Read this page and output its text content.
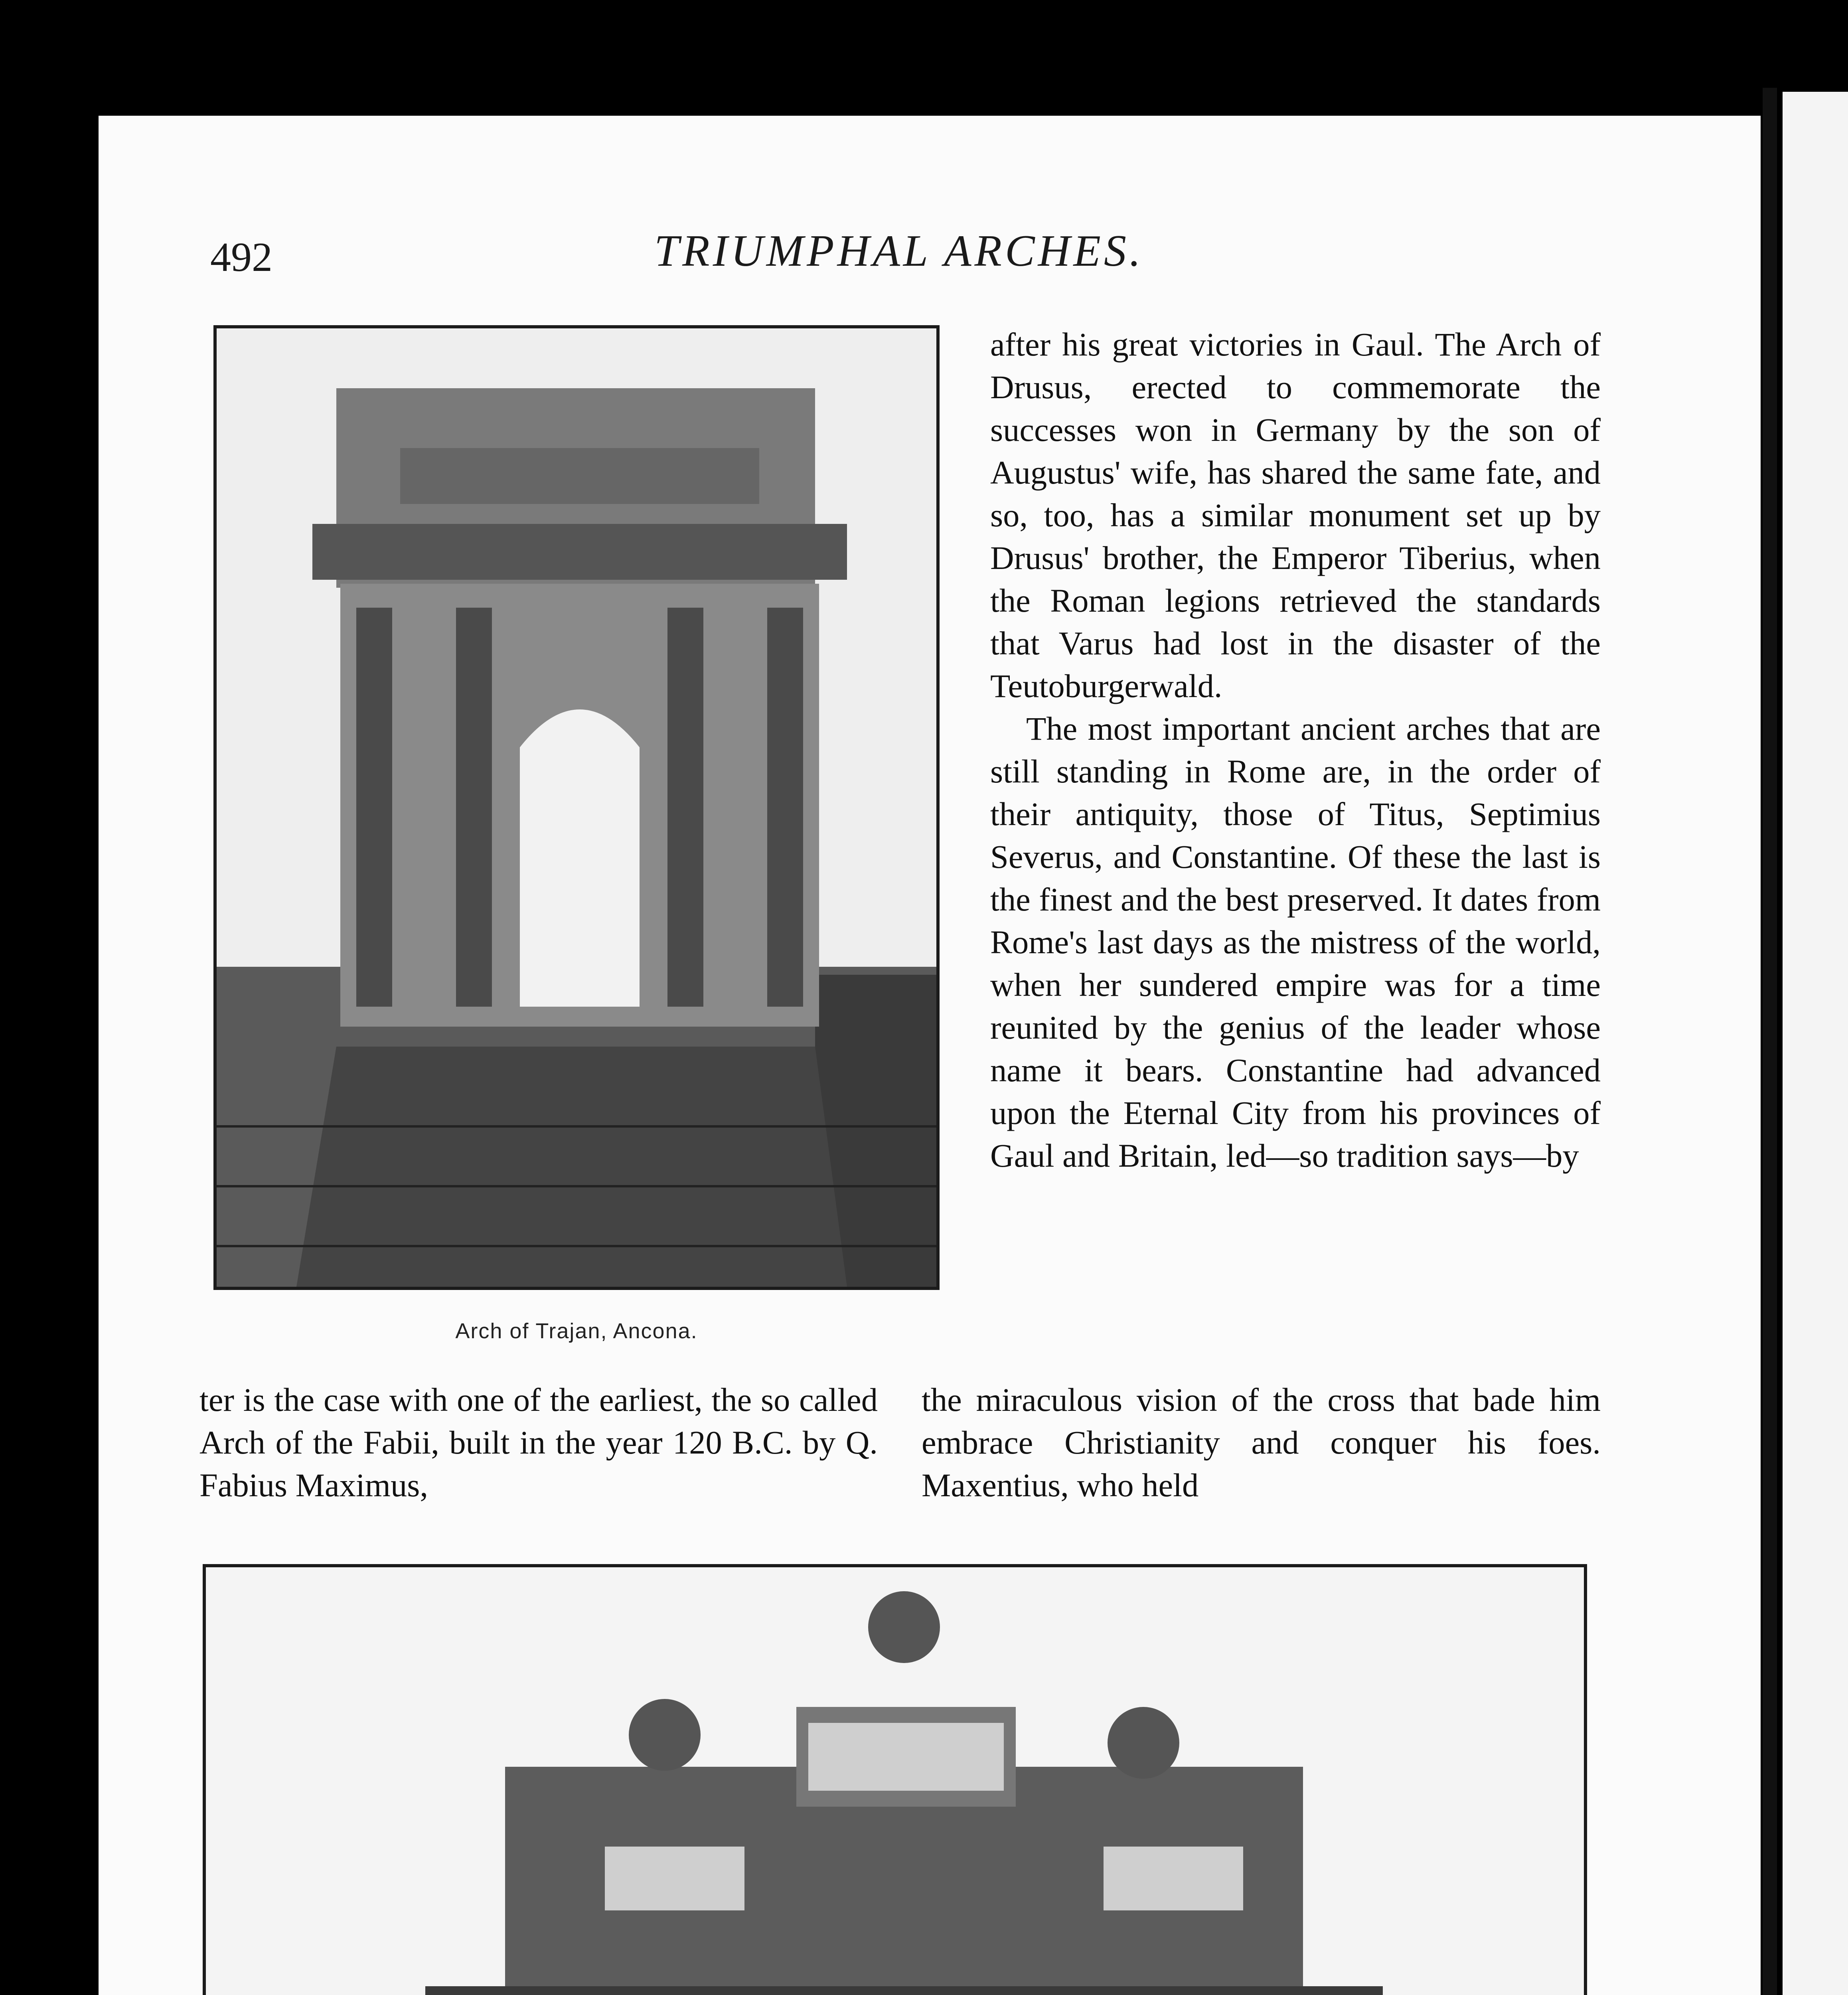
492	TRIUMPHAL ARCHES.
Arch of Trajan, Ancona.

after his great victories in Gaul. The Arch of Drusus, erected to commemorate the successes won in Germany by the son of Augustus' wife, has shared the same fate, and so, too, has a similar monument set up by Drusus' brother, the Emperor Tiberius, when the Roman legions retrieved the standards that Varus had lost in the disaster of the Teutoburgerwald.

The most important ancient arches that are still standing in Rome are, in the order of their antiquity, those of Titus, Septimius Severus, and Constantine. Of these the last is the finest and the best preserved. It dates from Rome's last days as the mistress of the world, when her sundered empire was for a time reunited by the genius of the leader whose name it bears. Constantine had advanced upon the Eternal City from his provinces of Gaul and Britain, led—so tradition says—by

ter is the case with one of the earliest, the so called Arch of the Fabii, built in the year 120 B.C. by Q. Fabius Maximus,
the miraculous vision of the cross that bade him embrace Christianity and conquer his foes. Maxentius, who held
